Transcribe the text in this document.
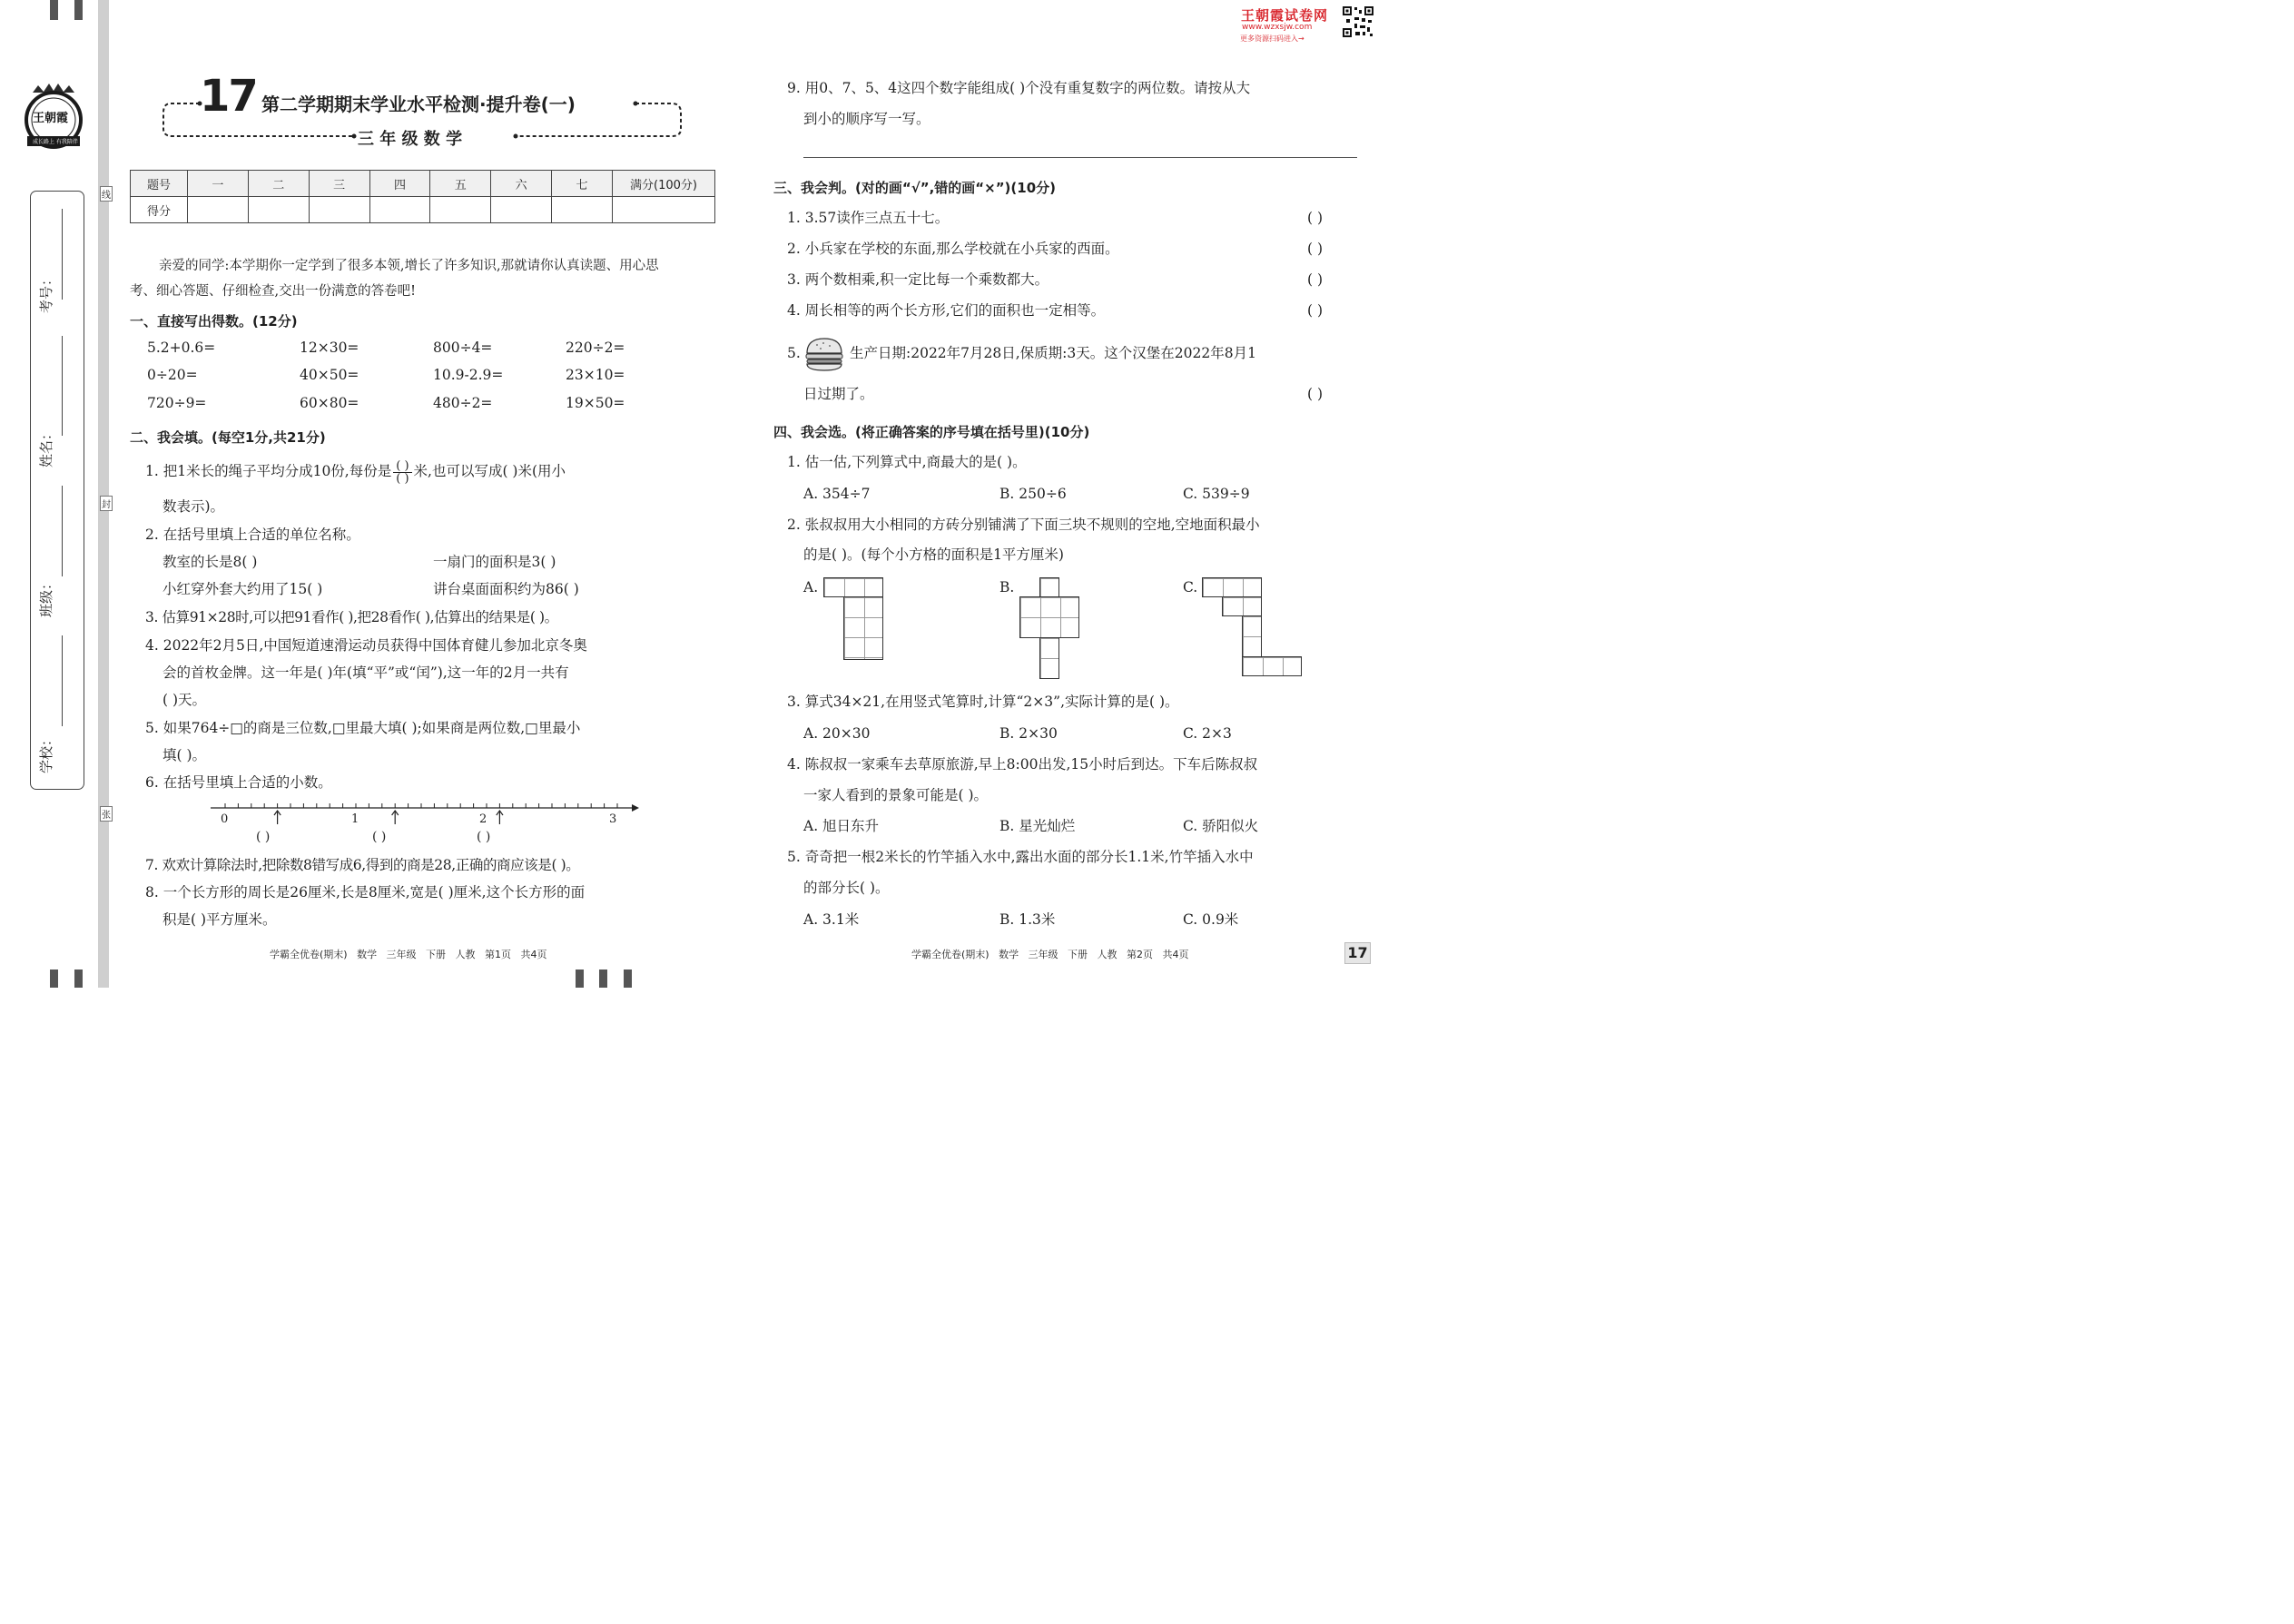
王朝霞试卷网
www.wzxsjw.com
更多资源扫码进入→
王朝霞
成长路上 有我陪伴
考号：
姓名：
班级：
学校：
线
封
张
17 第二学期期末学业水平检测·提升卷(一)
三 年 级 数 学
题号	一	二	三	四	五	六	七	满分(100分)
得分								
亲爱的同学:本学期你一定学到了很多本领,增长了许多知识,那就请你认真读题、用心思
考、细心答题、仔细检查,交出一份满意的答卷吧!
一、直接写出得数。(12分)
5.2+0.6=	12×30=	800÷4=	220÷2=
0÷20=	40×50=	10.9-2.9=	23×10=
720÷9=	60×80=	480÷2=	19×50=
二、我会填。(每空1分,共21分)
1. 把1米长的绳子平均分成10份,每份是 $\frac{( )}{( )}$ 米,也可以写成( )米(用小
数表示)。
2. 在括号里填上合适的单位名称。
教室的长是8( )	一扇门的面积是3( )
小红穿外套大约用了15( )	讲台桌面面积约为86( )
3. 估算91×28时,可以把91看作( ),把28看作( ),估算出的结果是( )。
4. 2022年2月5日,中国短道速滑运动员获得中国体育健儿参加北京冬奥
会的首枚金牌。这一年是( )年(填“平”或“闰”),这一年的2月一共有
( )天。
5. 如果764÷□的商是三位数,□里最大填( );如果商是两位数,□里最小
填( )。
6. 在括号里填上合适的小数。
0	1	2	3
( )	( )	( )
7. 欢欢计算除法时,把除数8错写成6,得到的商是28,正确的商应该是( )。
8. 一个长方形的周长是26厘米,长是8厘米,宽是( )厘米,这个长方形的面
积是( )平方厘米。
学霸全优卷(期末)   数学   三年级   下册   人教   第1页   共4页
9. 用0、7、5、4这四个数字能组成( )个没有重复数字的两位数。请按从大
到小的顺序写一写。
三、我会判。(对的画“√”,错的画“×”)(10分)
1. 3.57读作三点五十七。	( )
2. 小兵家在学校的东面,那么学校就在小兵家的西面。	( )
3. 两个数相乘,积一定比每一个乘数都大。	( )
4. 周长相等的两个长方形,它们的面积也一定相等。	( )
5.	生产日期:2022年7月28日,保质期:3天。这个汉堡在2022年8月1
日过期了。	( )
四、我会选。(将正确答案的序号填在括号里)(10分)
1. 估一估,下列算式中,商最大的是( )。
A. 354÷7	B. 250÷6	C. 539÷9
2. 张叔叔用大小相同的方砖分别铺满了下面三块不规则的空地,空地面积最小
的是( )。(每个小方格的面积是1平方厘米)
A.	B.	C.
3. 算式34×21,在用竖式笔算时,计算“2×3”,实际计算的是( )。
A. 20×30	B. 2×30	C. 2×3
4. 陈叔叔一家乘车去草原旅游,早上8:00出发,15小时后到达。下车后陈叔叔
一家人看到的景象可能是( )。
A. 旭日东升	B. 星光灿烂	C. 骄阳似火
5. 奇奇把一根2米长的竹竿插入水中,露出水面的部分长1.1米,竹竿插入水中
的部分长( )。
A. 3.1米	B. 1.3米	C. 0.9米
学霸全优卷(期末)   数学   三年级   下册   人教   第2页   共4页	17
